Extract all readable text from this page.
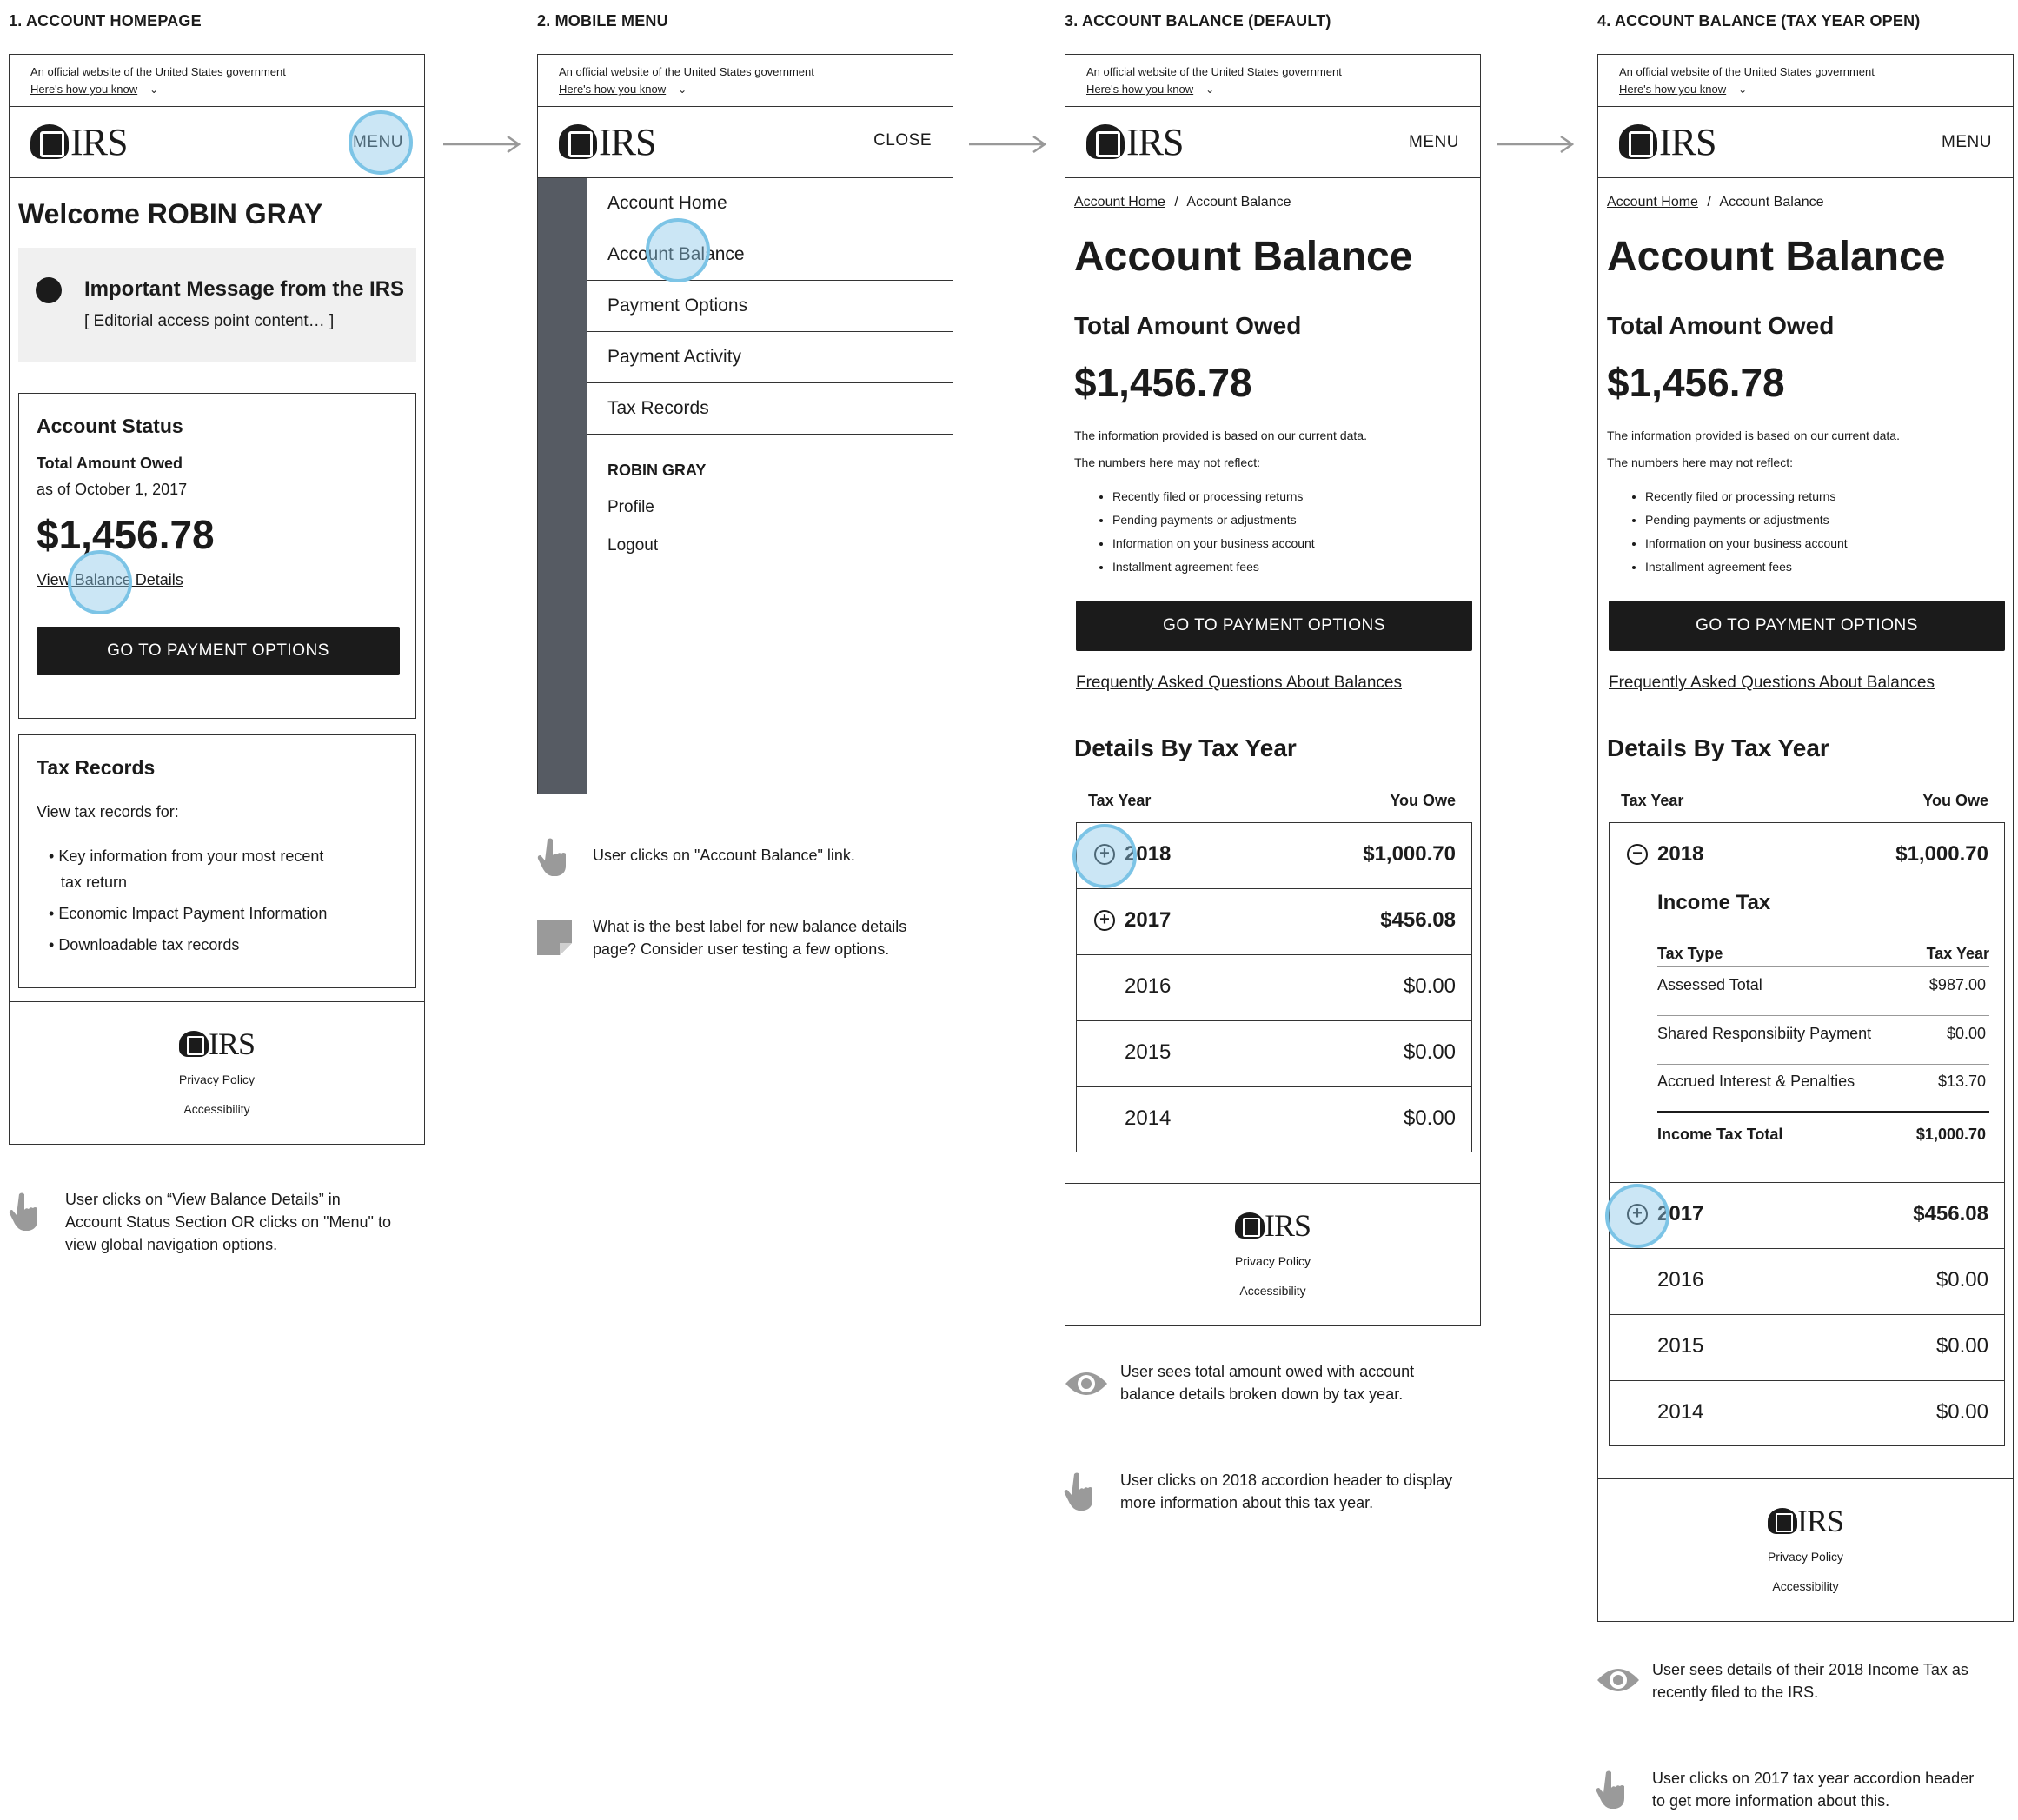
1. ACCOUNT HOMEPAGE	2. MOBILE MENU	3. ACCOUNT BALANCE (DEFAULT)	4. ACCOUNT BALANCE (TAX YEAR OPEN)
An official website of the United States government
Here's how you know ⌄
IRS	MENU
Welcome ROBIN GRAY
Important Message from the IRS
[ Editorial access point content… ]
Account Status
Total Amount Owed
as of October 1, 2017
$1,456.78
View Balance Details
GO TO PAYMENT OPTIONS
Tax Records
View tax records for:
• Key information from your most recent
tax return
• Economic Impact Payment Information
• Downloadable tax records
IRS
Privacy Policy
Accessibility
An official website of the United States government
Here's how you know ⌄
IRS	CLOSE
Account Home
Account Balance
Payment Options
Payment Activity
Tax Records
ROBIN GRAY
Profile
Logout
An official website of the United States government
Here's how you know ⌄
IRS	MENU
Account Home / Account Balance
Account Balance
Total Amount Owed
$1,456.78
The information provided is based on our current data.
The numbers here may not reflect:
• Recently filed or processing returns
• Pending payments or adjustments
• Information on your business account
• Installment agreement fees
GO TO PAYMENT OPTIONS
Frequently Asked Questions About Balances
Details By Tax Year
Tax Year	You Owe
+ 2018	$1,000.70
+ 2017	$456.08
2016	$0.00
2015	$0.00
2014	$0.00
IRS
Privacy Policy
Accessibility
An official website of the United States government
Here's how you know ⌄
IRS	MENU
Account Home / Account Balance
Account Balance
Total Amount Owed
$1,456.78
The information provided is based on our current data.
The numbers here may not reflect:
• Recently filed or processing returns
• Pending payments or adjustments
• Information on your business account
• Installment agreement fees
GO TO PAYMENT OPTIONS
Frequently Asked Questions About Balances
Details By Tax Year
Tax Year	You Owe
− 2018	$1,000.70
Income Tax
Tax Type	Tax Year
Assessed Total	$987.00
Shared Responsibiity Payment	$0.00
Accrued Interest & Penalties	$13.70
Income Tax Total	$1,000.70
+ 2017	$456.08
2016	$0.00
2015	$0.00
2014	$0.00
IRS
Privacy Policy
Accessibility
User clicks on “View Balance Details” in
Account Status Section OR clicks on "Menu" to
view global navigation options.
User clicks on "Account Balance" link.
What is the best label for new balance details
page? Consider user testing a few options.
User sees total amount owed with account
balance details broken down by tax year.
User clicks on 2018 accordion header to display
more information about this tax year.
User sees details of their 2018 Income Tax as
recently filed to the IRS.
User clicks on 2017 tax year accordion header
to get more information about this.
